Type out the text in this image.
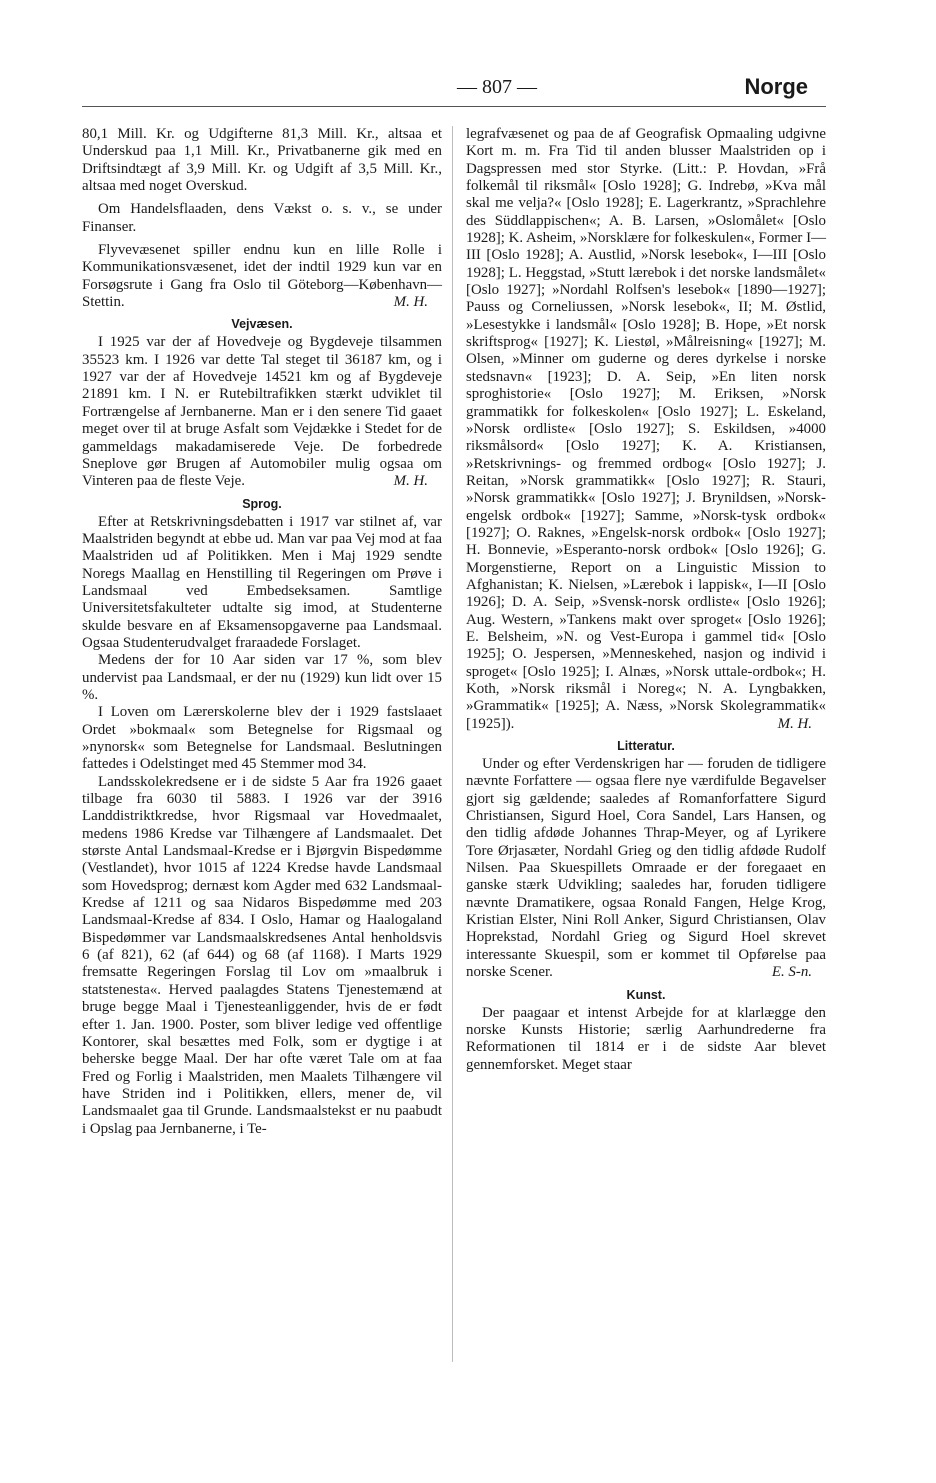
— 807 —	Norge

80,1 Mill. Kr. og Udgifterne 81,3 Mill. Kr., altsaa et Underskud paa 1,1 Mill. Kr., Privatbanerne gik med en Driftsindtægt af 3,9 Mill. Kr. og Udgift af 3,5 Mill. Kr., altsaa med noget Overskud.

Om Handelsflaaden, dens Vækst o. s. v., se under Finanser.

Flyvevæsenet spiller endnu kun en lille Rolle i Kommunikationsvæsenet, idet der indtil 1929 kun var en Forsøgsrute i Gang fra Oslo til Göteborg—København—Stettin.	M. H.

Vejvæsen.

I 1925 var der af Hovedveje og Bygdeveje tilsammen 35523 km. I 1926 var dette Tal steget til 36187 km, og i 1927 var der af Hovedveje 14521 km og af Bygdeveje 21891 km. I N. er Rutebiltrafikken stærkt udviklet til Fortrængelse af Jernbanerne. Man er i den senere Tid gaaet meget over til at bruge Asfalt som Vejdække i Stedet for de gammeldags makadamiserede Veje. De forbedrede Sneplove gør Brugen af Automobiler mulig ogsaa om Vinteren paa de fleste Veje.	M. H.

Sprog.

Efter at Retskrivningsdebatten i 1917 var stilnet af, var Maalstriden begyndt at ebbe ud. Man var paa Vej mod at faa Maalstriden ud af Politikken. Men i Maj 1929 sendte Noregs Maallag en Henstilling til Regeringen om Prøve i Landsmaal ved Embedseksamen. Samtlige Universitetsfakulteter udtalte sig imod, at Studenterne skulde besvare en af Eksamensopgaverne paa Landsmaal. Ogsaa Studenterudvalget fraraadede Forslaget.

Medens der for 10 Aar siden var 17 %, som blev undervist paa Landsmaal, er der nu (1929) kun lidt over 15 %.

I Loven om Lærerskolerne blev der i 1929 fastslaaet Ordet »bokmaal« som Betegnelse for Rigsmaal og »nynorsk« som Betegnelse for Landsmaal. Beslutningen fattedes i Odelstinget med 45 Stemmer mod 34.

Landsskolekredsene er i de sidste 5 Aar fra 1926 gaaet tilbage fra 6030 til 5883. I 1926 var der 3916 Landdistriktkredse, hvor Rigsmaal var Hovedmaalet, medens 1986 Kredse var Tilhængere af Landsmaalet. Det største Antal Landsmaal-Kredse er i Bjørgvin Bispedømme (Vestlandet), hvor 1015 af 1224 Kredse havde Landsmaal som Hovedsprog; dernæst kom Agder med 632 Landsmaal-Kredse af 1211 og saa Nidaros Bispedømme med 203 Landsmaal-Kredse af 834. I Oslo, Hamar og Haalogaland Bispedømmer var Landsmaalskredsenes Antal henholdsvis 6 (af 821), 62 (af 644) og 68 (af 1168). I Marts 1929 fremsatte Regeringen Forslag til Lov om »maalbruk i statstenesta«. Herved paalagdes Statens Tjenestemænd at bruge begge Maal i Tjenesteanliggender, hvis de er født efter 1. Jan. 1900. Poster, som bliver ledige ved offentlige Kontorer, skal besættes med Folk, som er dygtige i at beherske begge Maal. Der har ofte været Tale om at faa Fred og Forlig i Maalstriden, men Maalets Tilhængere vil have Striden ind i Politikken, ellers, mener de, vil Landsmaalet gaa til Grunde. Landsmaalstekst er nu paabudt i Opslag paa Jernbanerne, i Te-

legrafvæsenet og paa de af Geografisk Opmaaling udgivne Kort m. m. Fra Tid til anden blusser Maalstriden op i Dagspressen med stor Styrke. (Litt.: P. Hovdan, »Frå folkemål til riksmål« [Oslo 1928]; G. Indrebø, »Kva mål skal me velja?« [Oslo 1928]; E. Lagerkrantz, »Sprachlehre des Süddlappischen«; A. B. Larsen, »Oslomålet« [Oslo 1928]; K. Asheim, »Norsklære for folkeskulen«, Former I—III [Oslo 1928]; A. Austlid, »Norsk lesebok«, I—III [Oslo 1928]; L. Heggstad, »Stutt lærebok i det norske landsmålet« [Oslo 1927]; »Nordahl Rolfsen's lesebok« [1890—1927]; Pauss og Corneliussen, »Norsk lesebok«, II; M. Østlid, »Lesestykke i landsmål« [Oslo 1928]; B. Hope, »Et norsk skriftsprog« [1927]; K. Liestøl, »Målreisning« [1927]; M. Olsen, »Minner om guderne og deres dyrkelse i norske stedsnavn« [1923]; D. A. Seip, »En liten norsk sproghistorie« [Oslo 1927]; M. Eriksen, »Norsk grammatikk for folkeskolen« [Oslo 1927]; L. Eskeland, »Norsk ordliste« [Oslo 1927]; S. Eskildsen, »4000 riksmålsord« [Oslo 1927]; K. A. Kristiansen, »Retskrivnings- og fremmed ordbog« [Oslo 1927]; J. Reitan, »Norsk grammatikk« [Oslo 1927]; R. Stauri, »Norsk grammatikk« [Oslo 1927]; J. Brynildsen, »Norsk-engelsk ordbok« [1927]; Samme, »Norsk-tysk ordbok« [1927]; O. Raknes, »Engelsk-norsk ordbok« [Oslo 1927]; H. Bonnevie, »Esperanto-norsk ordbok« [Oslo 1926]; G. Morgenstierne, Report on a Linguistic Mission to Afghanistan; K. Nielsen, »Lærebok i lappisk«, I—II [Oslo 1926]; D. A. Seip, »Svensk-norsk ordliste« [Oslo 1926]; Aug. Western, »Tankens makt over sproget« [Oslo 1926]; E. Belsheim, »N. og Vest-Europa i gammel tid« [Oslo 1925]; O. Jespersen, »Menneskehed, nasjon og individ i sproget« [Oslo 1925]; I. Alnæs, »Norsk uttale-ordbok«; H. Koth, »Norsk riksmål i Noreg«; N. A. Lyngbakken, »Grammatik« [1925]; A. Næss, »Norsk Skolegrammatik« [1925]).	M. H.

Litteratur.

Under og efter Verdenskrigen har — foruden de tidligere nævnte Forfattere — ogsaa flere nye værdifulde Begavelser gjort sig gældende; saaledes af Romanforfattere Sigurd Christiansen, Sigurd Hoel, Cora Sandel, Lars Hansen, og den tidlig afdøde Johannes Thrap-Meyer, og af Lyrikere Tore Ørjasæter, Nordahl Grieg og den tidlig afdøde Rudolf Nilsen. Paa Skuespillets Omraade er der foregaaet en ganske stærk Udvikling; saaledes har, foruden tidligere nævnte Dramatikere, ogsaa Ronald Fangen, Helge Krog, Kristian Elster, Nini Roll Anker, Sigurd Christiansen, Olav Hoprekstad, Nordahl Grieg og Sigurd Hoel skrevet interessante Skuespil, som er kommet til Opførelse paa norske Scener.	E. S-n.

Kunst.

Der paagaar et intenst Arbejde for at klarlægge den norske Kunsts Historie; særlig Aarhundrederne fra Reformationen til 1814 er i de sidste Aar blevet gennemforsket. Meget staar
